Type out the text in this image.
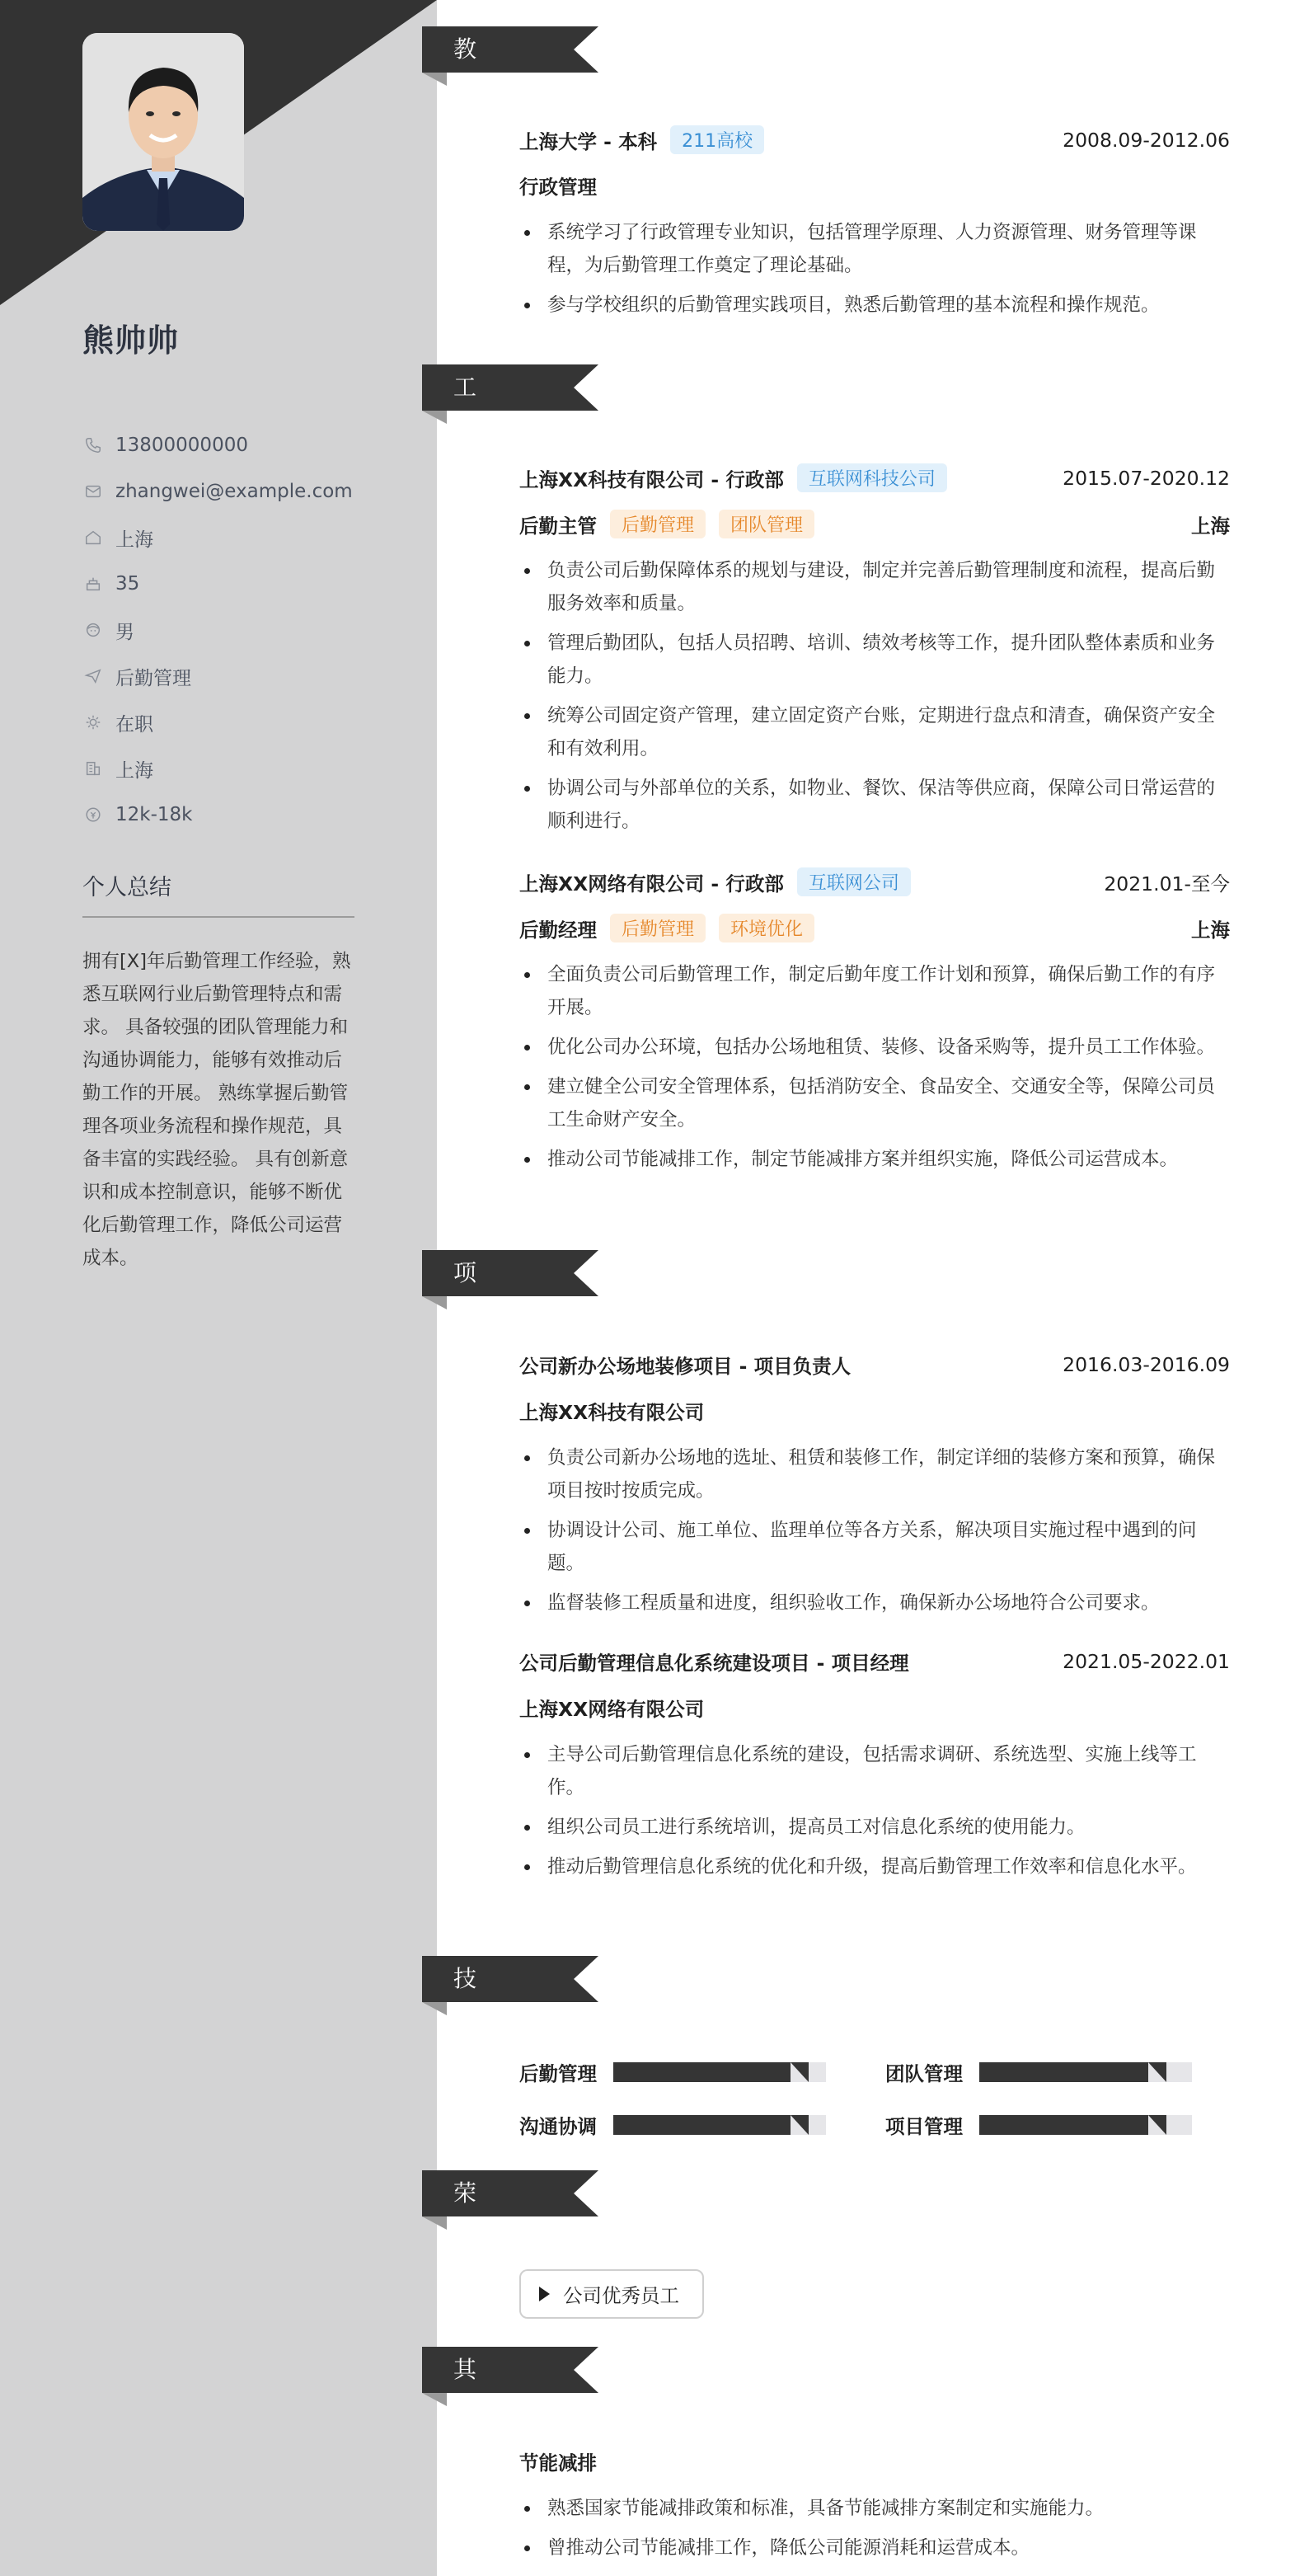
熊帅帅
13800000000
zhangwei@example.com
上海
35
男
后勤管理
在职
上海
12k-18k
个人总结
拥有[X]年后勤管理工作经验，熟悉互联网行业后勤管理特点和需求。 具备较强的团队管理能力和沟通协调能力，能够有效推动后勤工作的开展。 熟练掌握后勤管理各项业务流程和操作规范，具备丰富的实践经验。 具有创新意识和成本控制意识，能够不断优化后勤管理工作，降低公司运营成本。
教育经历
上海大学 - 本科	211高校	2008.09-2012.06
行政管理
系统学习了行政管理专业知识，包括管理学原理、人力资源管理、财务管理等课程，为后勤管理工作奠定了理论基础。
参与学校组织的后勤管理实践项目，熟悉后勤管理的基本流程和操作规范。
工作经历
上海XX科技有限公司 - 行政部	互联网科技公司	2015.07-2020.12
后勤主管	后勤管理	团队管理	上海
负责公司后勤保障体系的规划与建设，制定并完善后勤管理制度和流程，提高后勤服务效率和质量。
管理后勤团队，包括人员招聘、培训、绩效考核等工作，提升团队整体素质和业务能力。
统筹公司固定资产管理，建立固定资产台账，定期进行盘点和清查，确保资产安全和有效利用。
协调公司与外部单位的关系，如物业、餐饮、保洁等供应商，保障公司日常运营的顺利进行。
上海XX网络有限公司 - 行政部	互联网公司	2021.01-至今
后勤经理	后勤管理	环境优化	上海
全面负责公司后勤管理工作，制定后勤年度工作计划和预算，确保后勤工作的有序开展。
优化公司办公环境，包括办公场地租赁、装修、设备采购等，提升员工工作体验。
建立健全公司安全管理体系，包括消防安全、食品安全、交通安全等，保障公司员工生命财产安全。
推动公司节能减排工作，制定节能减排方案并组织实施，降低公司运营成本。
项目经历
公司新办公场地装修项目 - 项目负责人	2016.03-2016.09
上海XX科技有限公司
负责公司新办公场地的选址、租赁和装修工作，制定详细的装修方案和预算，确保项目按时按质完成。
协调设计公司、施工单位、监理单位等各方关系，解决项目实施过程中遇到的问题。
监督装修工程质量和进度，组织验收工作，确保新办公场地符合公司要求。
公司后勤管理信息化系统建设项目 - 项目经理	2021.05-2022.01
上海XX网络有限公司
主导公司后勤管理信息化系统的建设，包括需求调研、系统选型、实施上线等工作。
组织公司员工进行系统培训，提高员工对信息化系统的使用能力。
推动后勤管理信息化系统的优化和升级，提高后勤管理工作效率和信息化水平。
技能专长
后勤管理	团队管理
沟通协调	项目管理
荣誉奖项
公司优秀员工
其他信息
节能减排
熟悉国家节能减排政策和标准，具备节能减排方案制定和实施能力。
曾推动公司节能减排工作，降低公司能源消耗和运营成本。
